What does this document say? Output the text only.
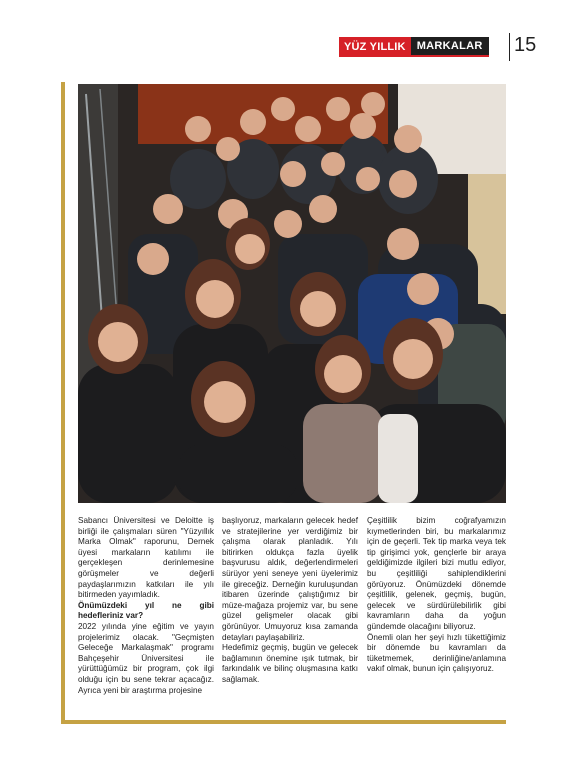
YÜZ YILLIK	MARKALAR	15

Sabancı Üniversitesi ve Deloitte iş birliği ile çalışmaları süren "Yüzyıllık Marka Olmak" raporunu, Dernek üyesi markaların katılımı ile gerçekleşen derinlemesine görüşmeler ve değerli paydaşlarımızın katkıları ile yılı bitirmeden yayımladık.

Önümüzdeki yıl ne gibi hedefleriniz var?

2022 yılında yine eğitim ve yayın projelerimiz olacak. "Geçmişten Geleceğe Markalaşmak" programı Bahçeşehir Üniversitesi ile yürüttüğümüz bir program, çok ilgi olduğu için bu sene tekrar açacağız. Ayrıca yeni bir araştırma projesine

başlıyoruz, markaların gelecek hedef ve stratejilerine yer verdiğimiz bir çalışma olarak planladık. Yılı bitirirken oldukça fazla üyelik başvurusu aldık, değerlendirmeleri sürüyor yeni seneye yeni üyelerimiz ile gireceğiz. Derneğin kuruluşundan itibaren üzerinde çalıştığımız bir müze-mağaza projemiz var, bu sene güzel gelişmeler olacak gibi görünüyor. Umuyoruz kısa zamanda detayları paylaşabiliriz.

Hedefimiz geçmiş, bugün ve gelecek bağlamının önemine ışık tutmak, bir farkındalık ve bilinç oluşmasına katkı sağlamak.

Çeşitlilik bizim coğrafyamızın kıymetlerinden biri, bu markalarımız için de geçerli. Tek tip marka veya tek tip girişimci yok, gençlerle bir araya geldiğimizde ilgileri bizi mutlu ediyor, bu çeşitliliği sahiplendiklerini görüyoruz. Önümüzdeki dönemde çeşitlilik, gelenek, geçmiş, bugün, gelecek ve sürdürülebilirlik gibi kavramların daha da yoğun gündemde olacağını biliyoruz.

Önemli olan her şeyi hızlı tükettiğimiz bir dönemde bu kavramları da tüketmemek, derinliğine/anlamına vakıf olmak, bunun için çalışıyoruz.
